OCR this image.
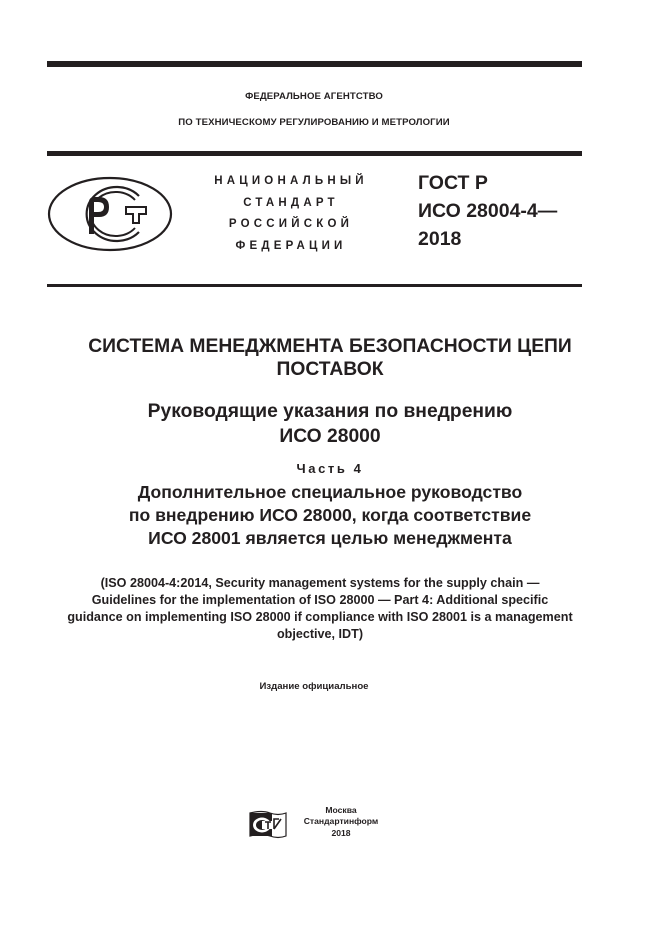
ФЕДЕРАЛЬНОЕ АГЕНТСТВО
ПО ТЕХНИЧЕСКОМУ РЕГУЛИРОВАНИЮ И МЕТРОЛОГИИ
НАЦИОНАЛЬНЫЙ
СТАНДАРТ
РОССИЙСКОЙ
ФЕДЕРАЦИИ
ГОСТ Р
ИСО 28004-4—
2018
СИСТЕМА МЕНЕДЖМЕНТА БЕЗОПАСНОСТИ ЦЕПИ
ПОСТАВОК
Руководящие указания по внедрению
ИСО 28000
Часть 4
Дополнительное специальное руководство
по внедрению ИСО 28000, когда соответствие
ИСО 28001 является целью менеджмента
(ISO 28004-4:2014, Security management systems for the supply chain —
Guidelines for the implementation of ISO 28000 — Part 4: Additional specific
guidance on implementing ISO 28000 if compliance with ISO 28001 is a management
objective, IDT)
Издание официальное
Москва
Стандартинформ
2018
